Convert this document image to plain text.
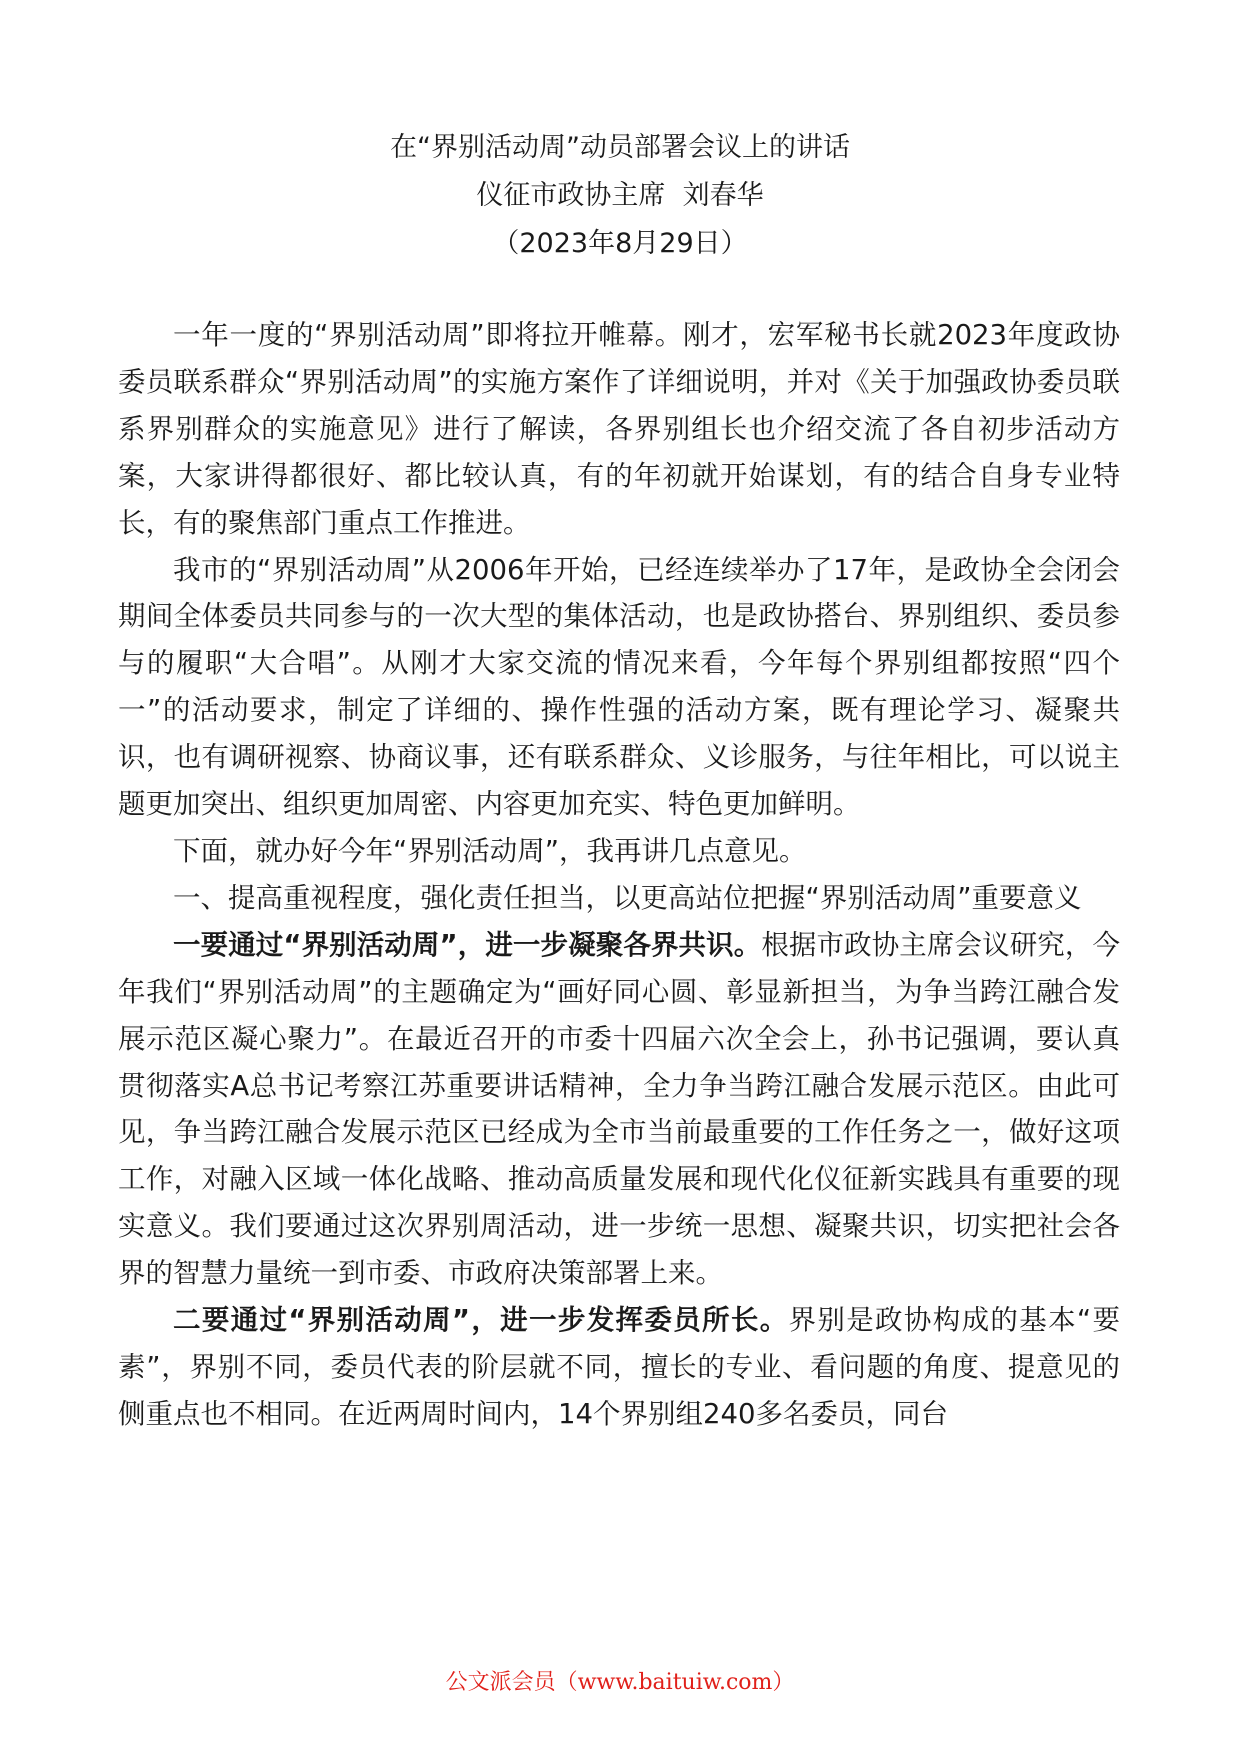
在“界别活动周”动员部署会议上的讲话
仪征市政协主席  刘春华
（2023年8月29日）

一年一度的“界别活动周”即将拉开帷幕。刚才，宏军秘书长就2023年度政协委员联系群众“界别活动周”的实施方案作了详细说明，并对《关于加强政协委员联系界别群众的实施意见》进行了解读，各界别组长也介绍交流了各自初步活动方案，大家讲得都很好、都比较认真，有的年初就开始谋划，有的结合自身专业特长，有的聚焦部门重点工作推进。

我市的“界别活动周”从2006年开始，已经连续举办了17年，是政协全会闭会期间全体委员共同参与的一次大型的集体活动，也是政协搭台、界别组织、委员参与的履职“大合唱”。从刚才大家交流的情况来看，今年每个界别组都按照“四个一”的活动要求，制定了详细的、操作性强的活动方案，既有理论学习、凝聚共识，也有调研视察、协商议事，还有联系群众、义诊服务，与往年相比，可以说主题更加突出、组织更加周密、内容更加充实、特色更加鲜明。

下面，就办好今年“界别活动周”，我再讲几点意见。

一、提高重视程度，强化责任担当，以更高站位把握“界别活动周”重要意义

一要通过“界别活动周”，进一步凝聚各界共识。根据市政协主席会议研究，今年我们“界别活动周”的主题确定为“画好同心圆、彰显新担当，为争当跨江融合发展示范区凝心聚力”。在最近召开的市委十四届六次全会上，孙书记强调，要认真贯彻落实A总书记考察江苏重要讲话精神，全力争当跨江融合发展示范区。由此可见，争当跨江融合发展示范区已经成为全市当前最重要的工作任务之一，做好这项工作，对融入区域一体化战略、推动高质量发展和现代化仪征新实践具有重要的现实意义。我们要通过这次界别周活动，进一步统一思想、凝聚共识，切实把社会各界的智慧力量统一到市委、市政府决策部署上来。

二要通过“界别活动周”，进一步发挥委员所长。界别是政协构成的基本“要素”，界别不同，委员代表的阶层就不同，擅长的专业、看问题的角度、提意见的侧重点也不相同。在近两周时间内，14个界别组240多名委员，同台

公文派会员（www.baituiw.com）
